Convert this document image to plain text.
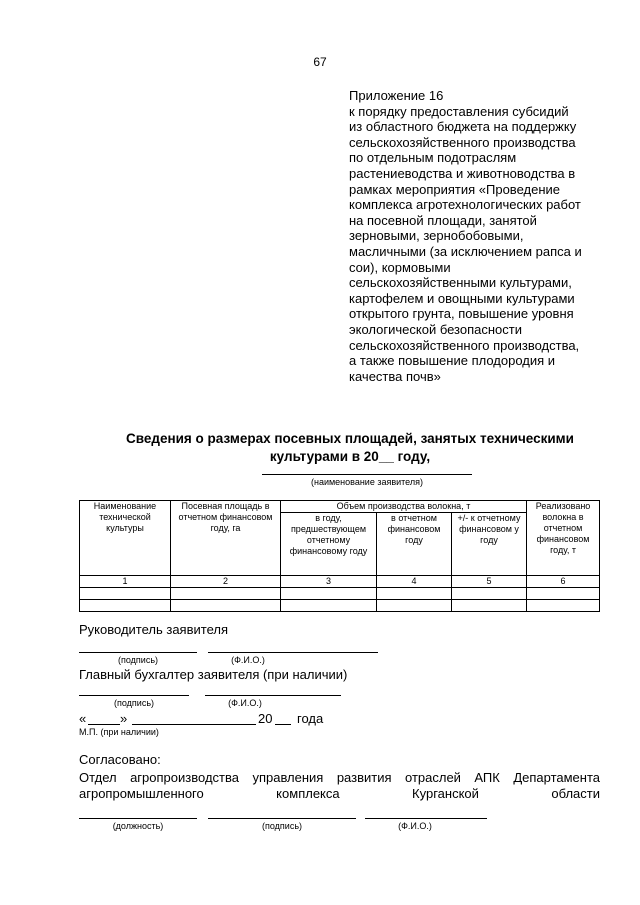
67
Приложение 16
к порядку предоставления субсидий
из областного бюджета на поддержку
сельскохозяйственного производства
по отдельным подотраслям
растениеводства и животноводства в
рамках мероприятия «Проведение
комплекса агротехнологических работ
на посевной площади, занятой
зерновыми, зернобобовыми,
масличными (за исключением рапса и
сои), кормовыми
сельскохозяйственными культурами,
картофелем и овощными культурами
открытого грунта, повышение уровня
экологической безопасности
сельскохозяйственного производства,
а также повышение плодородия и
качества почв»
Сведения о размерах посевных площадей, занятых техническими
культурами в 20__ году,
(наименование заявителя)
Наименование технической культуры	Посевная площадь в отчетном финансовом году, га	Объем производства волокна, т			Реализовано волокна в отчетном финансовом году, т
		в году, предшествующем отчетному финансовому году	в отчетном финансовом году	+/- к отчетному финансовом у году	
1	2	3	4	5	6

Руководитель заявителя
(подпись)	(Ф.И.О.)
Главный бухгалтер заявителя (при наличии)
(подпись)	(Ф.И.О.)
«	»	20 года
М.П. (при наличии)
Согласовано:
Отдел агропроизводства управления развития отраслей АПК Департамента агропромышленного комплекса Курганской области
(должность)	(подпись)	(Ф.И.О.)
